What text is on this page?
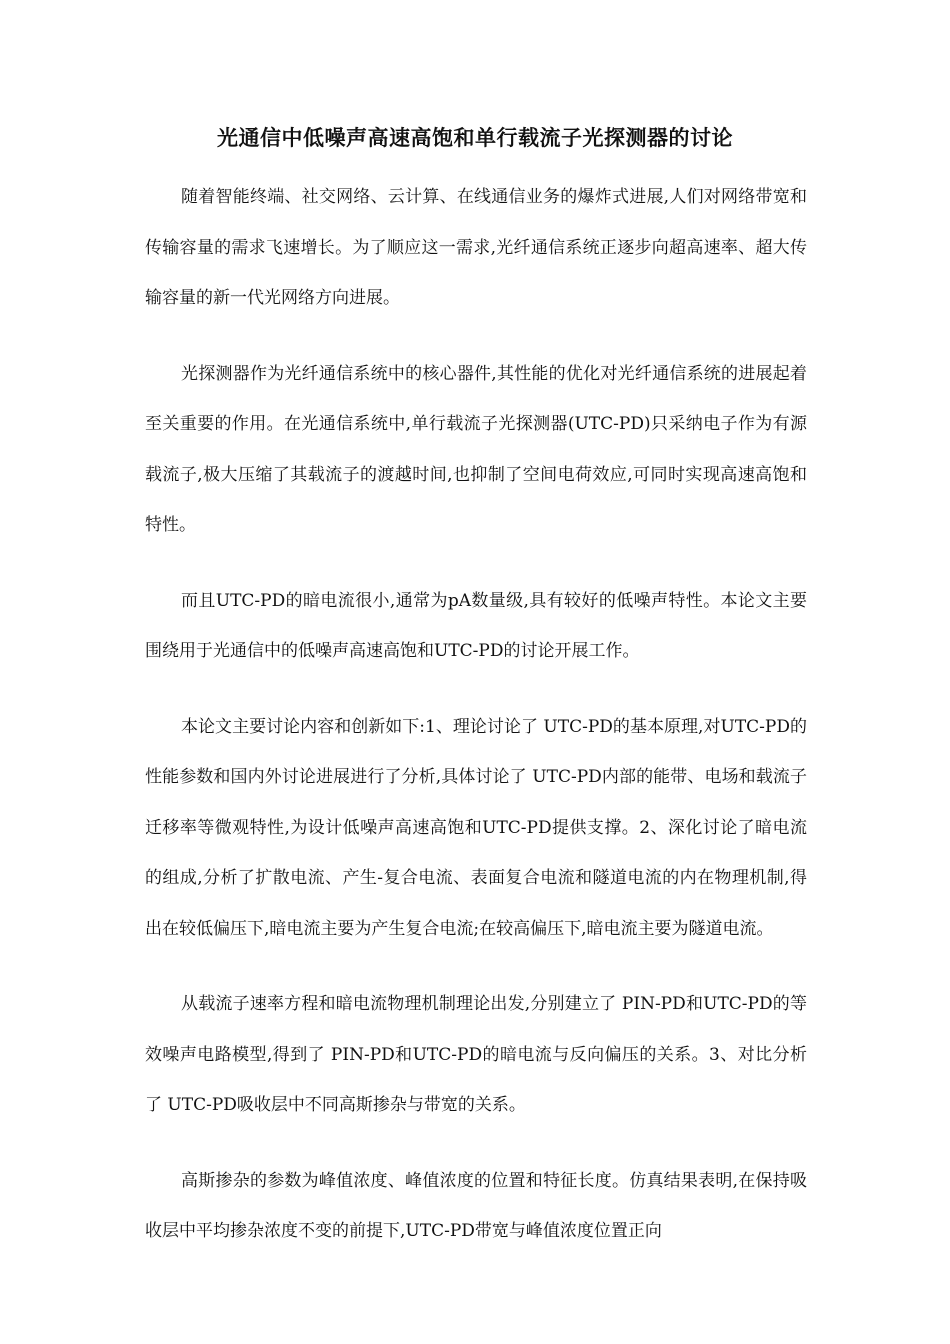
光通信中低噪声高速高饱和单行载流子光探测器的讨论

随着智能终端、社交网络、云计算、在线通信业务的爆炸式进展,人们对网络带宽和传输容量的需求飞速增长。为了顺应这一需求,光纤通信系统正逐步向超高速率、超大传输容量的新一代光网络方向进展。

光探测器作为光纤通信系统中的核心器件,其性能的优化对光纤通信系统的进展起着至关重要的作用。在光通信系统中,单行载流子光探测器(UTC-PD)只采纳电子作为有源载流子,极大压缩了其载流子的渡越时间,也抑制了空间电荷效应,可同时实现高速高饱和特性。

而且UTC-PD的暗电流很小,通常为pA数量级,具有较好的低噪声特性。本论文主要围绕用于光通信中的低噪声高速高饱和UTC-PD的讨论开展工作。

本论文主要讨论内容和创新如下:1、理论讨论了 UTC-PD的基本原理,对UTC-PD的性能参数和国内外讨论进展进行了分析,具体讨论了 UTC-PD内部的能带、电场和载流子迁移率等微观特性,为设计低噪声高速高饱和UTC-PD提供支撑。2、深化讨论了暗电流的组成,分析了扩散电流、产生-复合电流、表面复合电流和隧道电流的内在物理机制,得出在较低偏压下,暗电流主要为产生复合电流;在较高偏压下,暗电流主要为隧道电流。

从载流子速率方程和暗电流物理机制理论出发,分别建立了 PIN-PD和UTC-PD的等效噪声电路模型,得到了 PIN-PD和UTC-PD的暗电流与反向偏压的关系。3、对比分析了 UTC-PD吸收层中不同高斯掺杂与带宽的关系。

高斯掺杂的参数为峰值浓度、峰值浓度的位置和特征长度。仿真结果表明,在保持吸收层中平均掺杂浓度不变的前提下,UTC-PD带宽与峰值浓度位置正向
